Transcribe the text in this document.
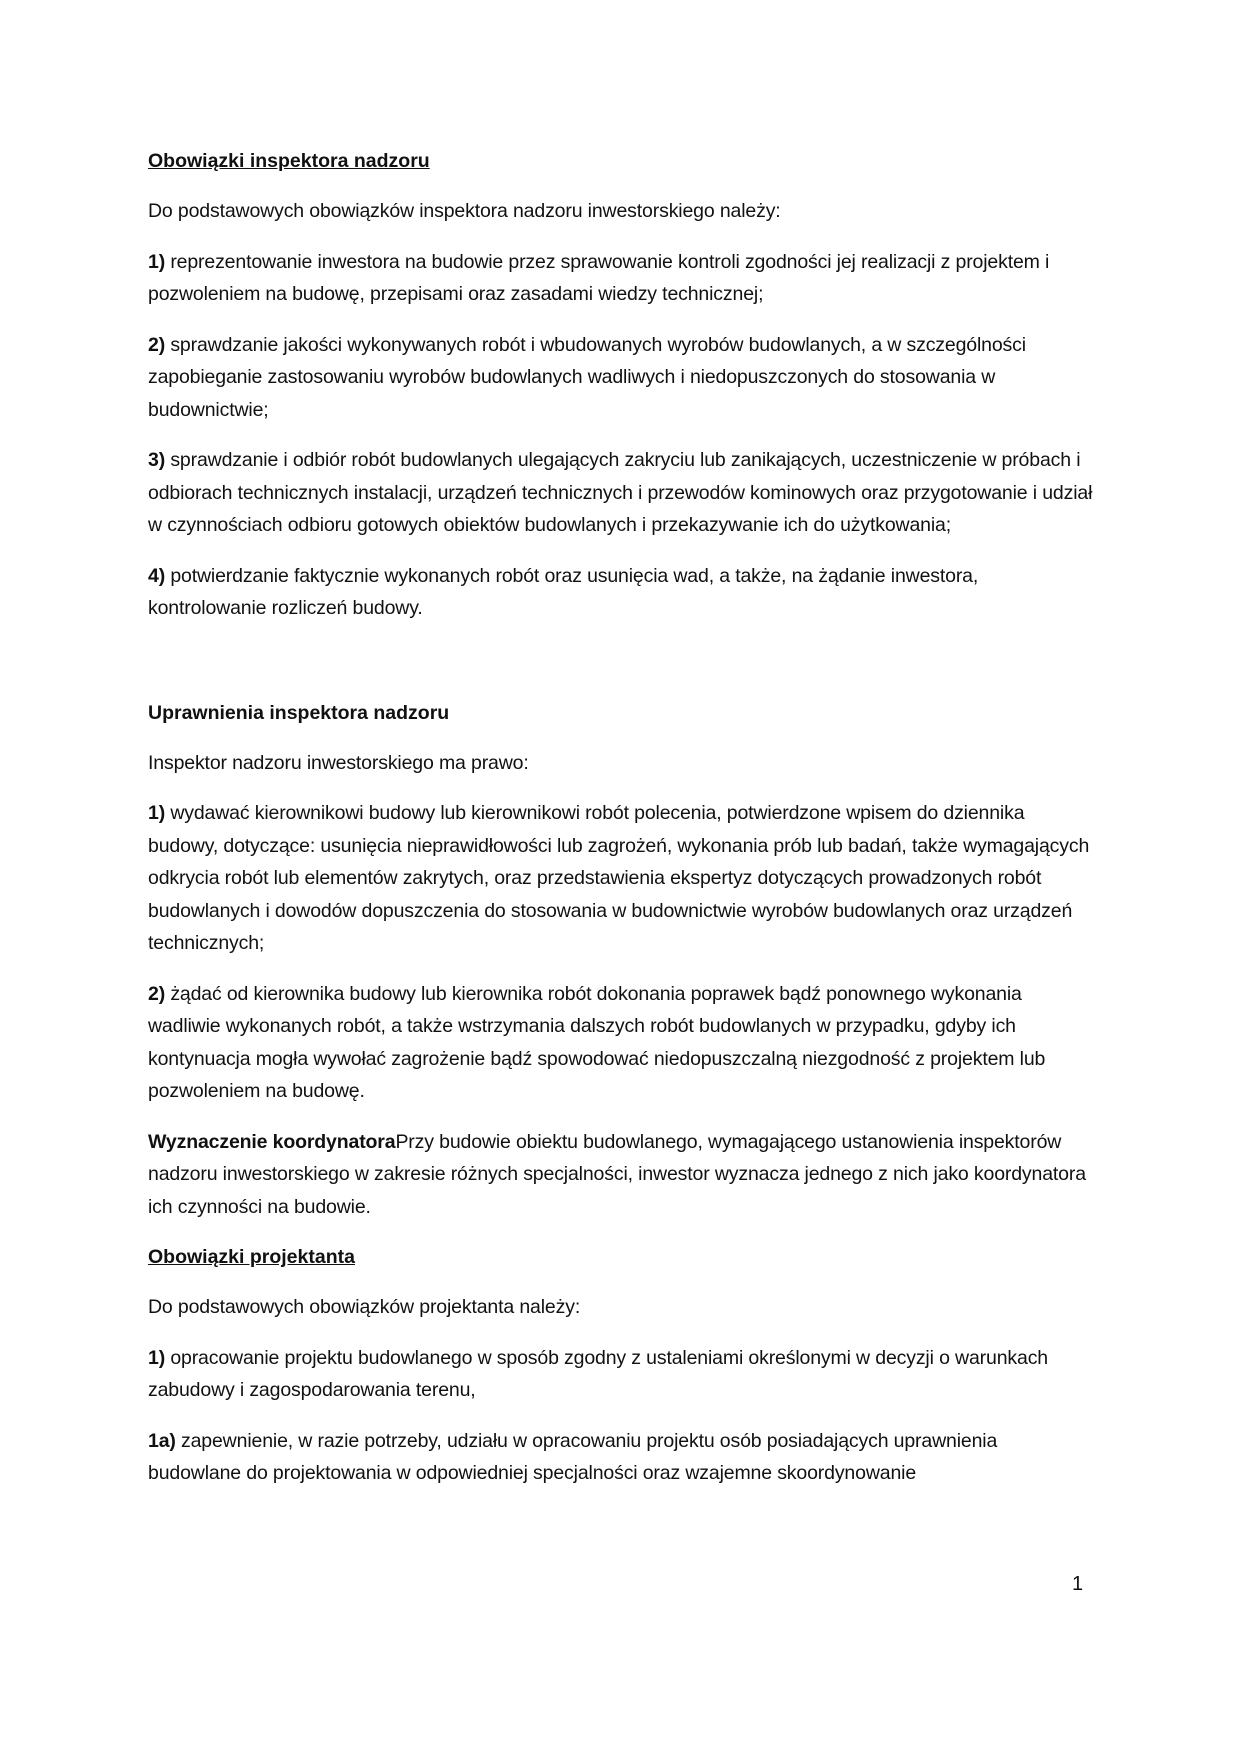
Obowiązki inspektora nadzoru

Do podstawowych obowiązków inspektora nadzoru inwestorskiego należy:

1) reprezentowanie inwestora na budowie przez sprawowanie kontroli zgodności jej realizacji z projektem i pozwoleniem na budowę, przepisami oraz zasadami wiedzy technicznej;

2) sprawdzanie jakości wykonywanych robót i wbudowanych wyrobów budowlanych, a w szczególności zapobieganie zastosowaniu wyrobów budowlanych wadliwych i niedopuszczonych do stosowania w budownictwie;

3) sprawdzanie i odbiór robót budowlanych ulegających zakryciu lub zanikających, uczestniczenie w próbach i odbiorach technicznych instalacji, urządzeń technicznych i przewodów kominowych oraz przygotowanie i udział w czynnościach odbioru gotowych obiektów budowlanych i przekazywanie ich do użytkowania;

4) potwierdzanie faktycznie wykonanych robót oraz usunięcia wad, a także, na żądanie inwestora, kontrolowanie rozliczeń budowy.

Uprawnienia inspektora nadzoru

Inspektor nadzoru inwestorskiego ma prawo:

1) wydawać kierownikowi budowy lub kierownikowi robót polecenia, potwierdzone wpisem do dziennika budowy, dotyczące: usunięcia nieprawidłowości lub zagrożeń, wykonania prób lub badań, także wymagających odkrycia robót lub elementów zakrytych, oraz przedstawienia ekspertyz dotyczących prowadzonych robót budowlanych i dowodów dopuszczenia do stosowania w budownictwie wyrobów budowlanych oraz urządzeń technicznych;

2) żądać od kierownika budowy lub kierownika robót dokonania poprawek bądź ponownego wykonania wadliwie wykonanych robót, a także wstrzymania dalszych robót budowlanych w przypadku, gdyby ich kontynuacja mogła wywołać zagrożenie bądź spowodować niedopuszczalną niezgodność z projektem lub pozwoleniem na budowę.

Wyznaczenie koordynatoraPrzy budowie obiektu budowlanego, wymagającego ustanowienia inspektorów nadzoru inwestorskiego w zakresie różnych specjalności, inwestor wyznacza jednego z nich jako koordynatora ich czynności na budowie.

Obowiązki projektanta

Do podstawowych obowiązków projektanta należy:

1) opracowanie projektu budowlanego w sposób zgodny z ustaleniami określonymi w decyzji o warunkach zabudowy i zagospodarowania terenu,

1a) zapewnienie, w razie potrzeby, udziału w opracowaniu projektu osób posiadających uprawnienia budowlane do projektowania w odpowiedniej specjalności oraz wzajemne skoordynowanie

1
